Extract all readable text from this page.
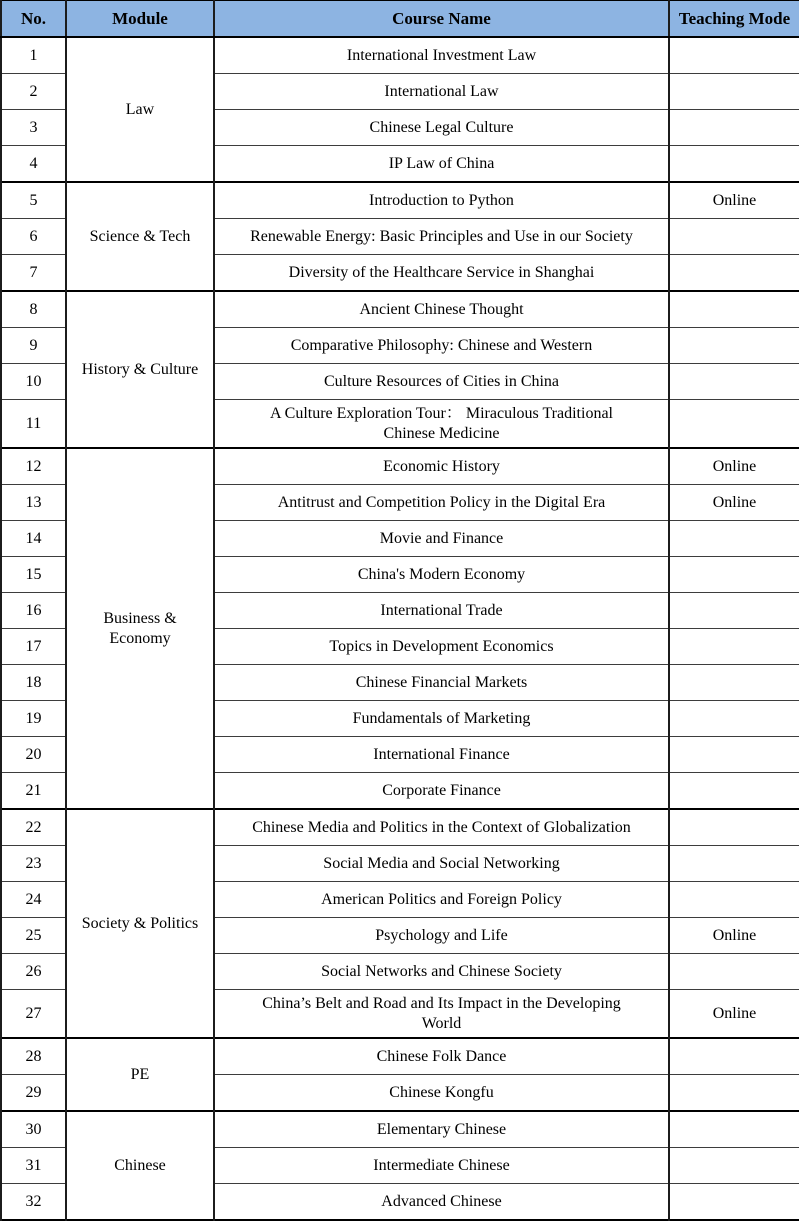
No.	Module	Course Name	Teaching Mode
1	Law	International Investment Law	
2		International Law	
3		Chinese Legal Culture	
4		IP Law of China	
5	Science & Tech	Introduction to Python	Online
6		Renewable Energy: Basic Principles and Use in our Society	
7		Diversity of the Healthcare Service in Shanghai	
8	History & Culture	Ancient Chinese Thought	
9		Comparative Philosophy: Chinese and Western	
10		Culture Resources of Cities in China	
11		A Culture Exploration Tour： Miraculous Traditional Chinese Medicine	
12	Business & Economy	Economic History	Online
13		Antitrust and Competition Policy in the Digital Era	Online
14		Movie and Finance	
15		China's Modern Economy	
16		International Trade	
17		Topics in Development Economics	
18		Chinese Financial Markets	
19		Fundamentals of Marketing	
20		International Finance	
21		Corporate Finance	
22	Society & Politics	Chinese Media and Politics in the Context of Globalization	
23		Social Media and Social Networking	
24		American Politics and Foreign Policy	
25		Psychology and Life	Online
26		Social Networks and Chinese Society	
27		China’s Belt and Road and Its Impact in the Developing World	Online
28	PE	Chinese Folk Dance	
29		Chinese Kongfu	
30	Chinese	Elementary Chinese	
31		Intermediate Chinese	
32		Advanced Chinese	
